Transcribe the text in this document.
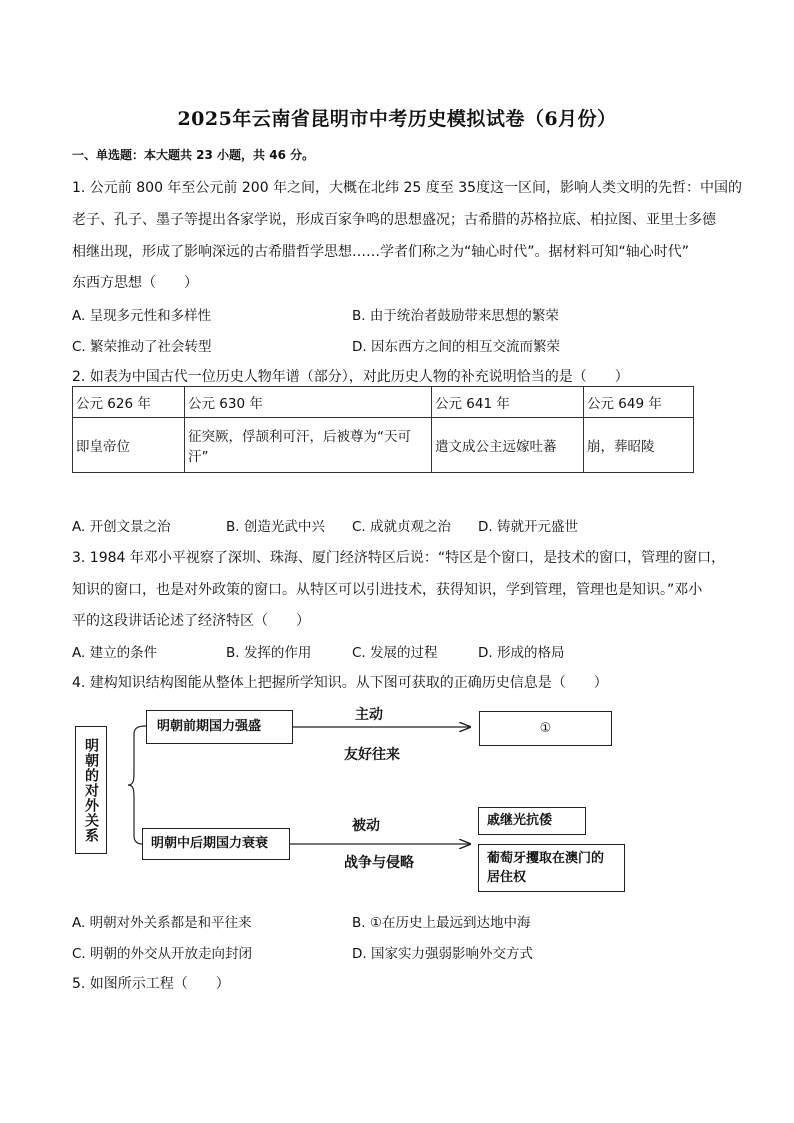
2025年云南省昆明市中考历史模拟试卷（6月份）
一、单选题：本大题共 23 小题，共 46 分。
1. 公元前 800 年至公元前 200 年之间，大概在北纬 25 度至 35度这一区间，影响人类文明的先哲：中国的
老子、孔子、墨子等提出各家学说，形成百家争鸣的思想盛况；古希腊的苏格拉底、柏拉图、亚里士多德
相继出现，形成了影响深远的古希腊哲学思想……学者们称之为“轴心时代”。据材料可知“轴心时代”
东西方思想（　　）
A. 呈现多元性和多样性	B. 由于统治者鼓励带来思想的繁荣
C. 繁荣推动了社会转型	D. 因东西方之间的相互交流而繁荣
2. 如表为中国古代一位历史人物年谱（部分），对此历史人物的补充说明恰当的是（　　）
公元 626 年	公元 630 年	公元 641 年	公元 649 年
即皇帝位	征突厥，俘颉利可汗，后被尊为“天可汗”	遣文成公主远嫁吐蕃	崩，葬昭陵
A. 开创文景之治	B. 创造光武中兴 C. 成就贞观之治 D. 铸就开元盛世
3. 1984 年邓小平视察了深圳、珠海、厦门经济特区后说：“特区是个窗口，是技术的窗口，管理的窗口，
知识的窗口，也是对外政策的窗口。从特区可以引进技术，获得知识，学到管理，管理也是知识。”邓小
平的这段讲话论述了经济特区（　　）
A. 建立的条件	B. 发挥的作用	C. 发展的过程	D. 形成的格局
4. 建构知识结构图能从整体上把握所学知识。从下图可获取的正确历史信息是（　　）
明朝的对外关系
明朝前期国力强盛
主动
友好往来
①
明朝中后期国力衰衰
被动
战争与侵略
戚继光抗倭
葡萄牙攫取在澳门的居住权
A. 明朝对外关系都是和平往来	B. ①在历史上最远到达地中海
C. 明朝的外交从开放走向封闭	D. 国家实力强弱影响外交方式
5. 如图所示工程（　　）
